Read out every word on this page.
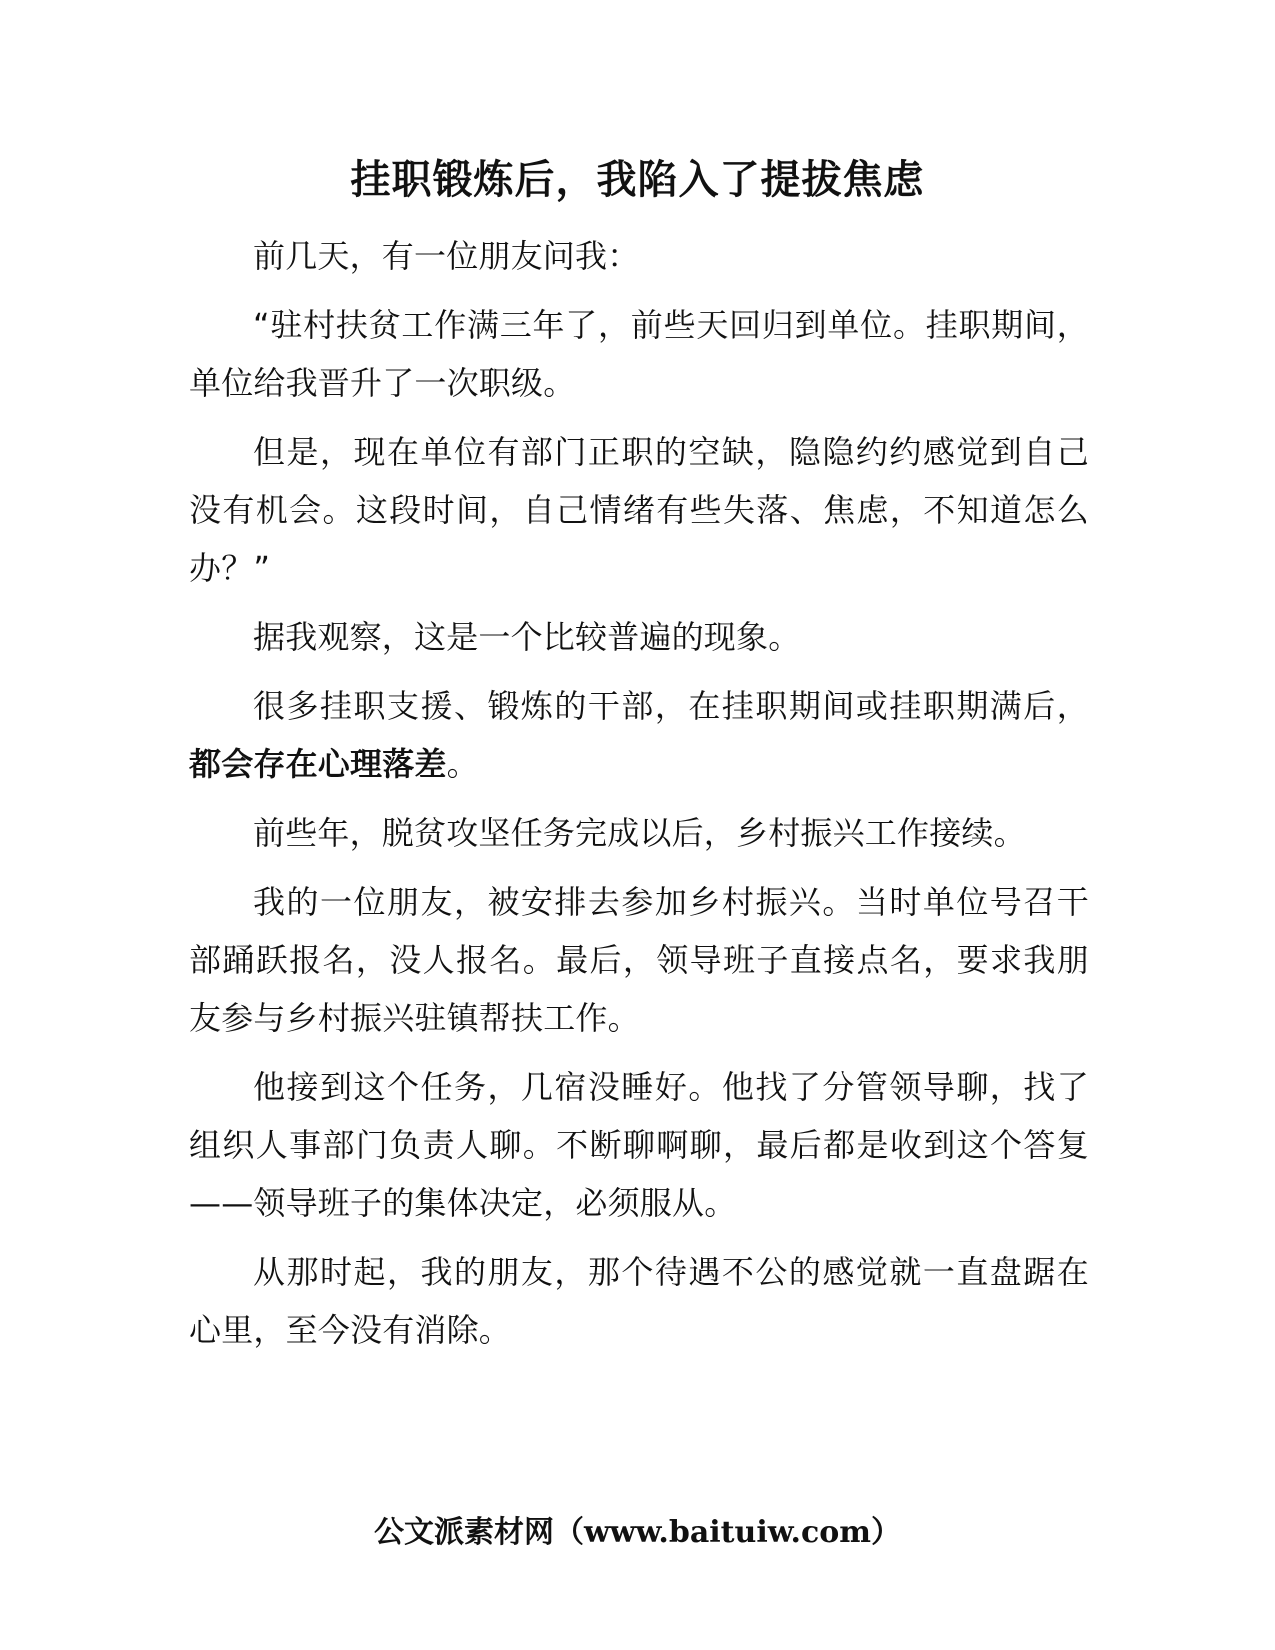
挂职锻炼后，我陷入了提拔焦虑

前几天，有一位朋友问我：

“驻村扶贫工作满三年了，前些天回归到单位。挂职期间，单位给我晋升了一次职级。

但是，现在单位有部门正职的空缺，隐隐约约感觉到自己没有机会。这段时间，自己情绪有些失落、焦虑，不知道怎么办？”

据我观察，这是一个比较普遍的现象。

很多挂职支援、锻炼的干部，在挂职期间或挂职期满后，都会存在心理落差。

前些年，脱贫攻坚任务完成以后，乡村振兴工作接续。

我的一位朋友，被安排去参加乡村振兴。当时单位号召干部踊跃报名，没人报名。最后，领导班子直接点名，要求我朋友参与乡村振兴驻镇帮扶工作。

他接到这个任务，几宿没睡好。他找了分管领导聊，找了组织人事部门负责人聊。不断聊啊聊，最后都是收到这个答复——领导班子的集体决定，必须服从。

从那时起，我的朋友，那个待遇不公的感觉就一直盘踞在心里，至今没有消除。

公文派素材网（www.baituiw.com）
